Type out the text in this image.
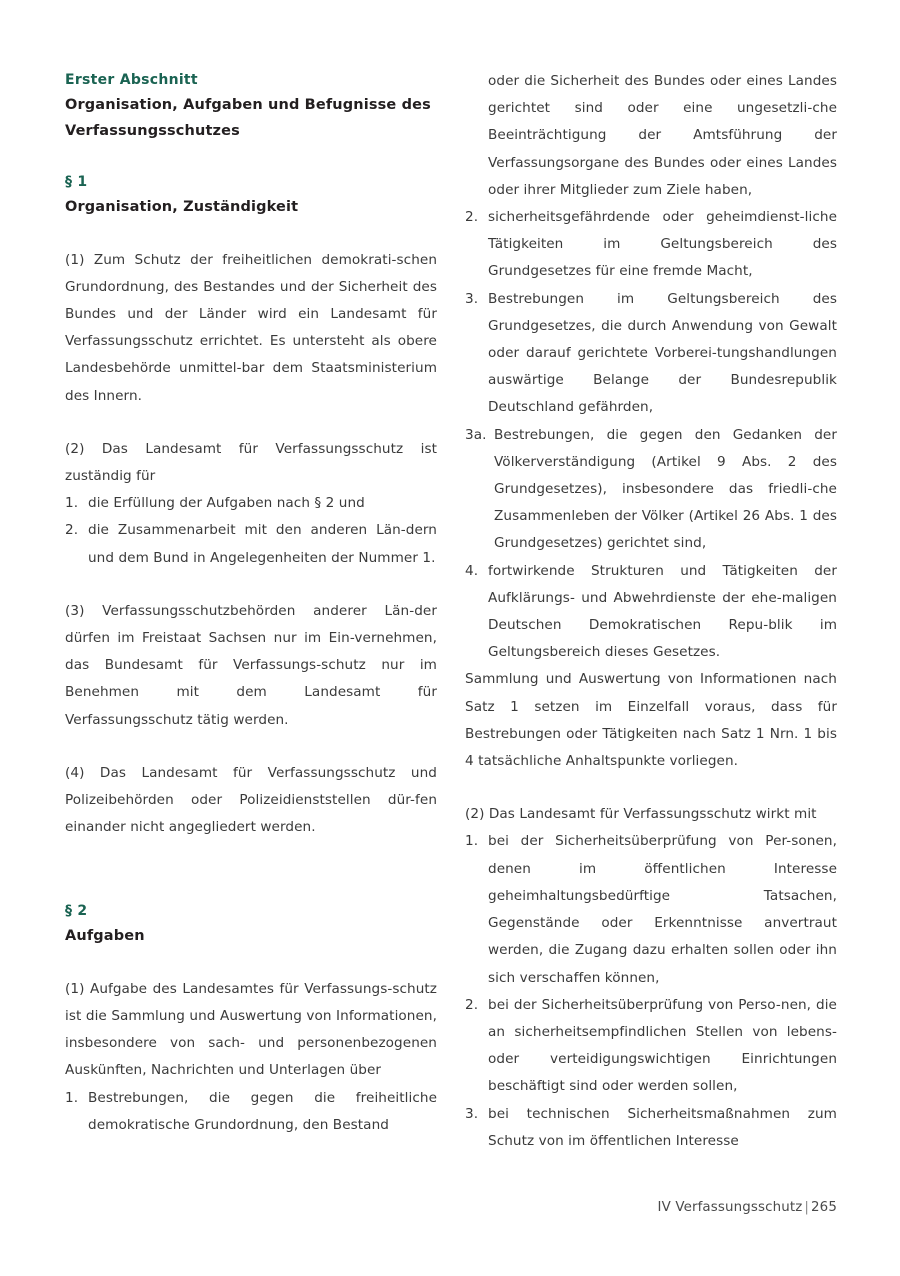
Erster Abschnitt
Organisation, Aufgaben und Befugnisse des
Verfassungsschutzes
§ 1
Organisation, Zuständigkeit

(1) Zum Schutz der freiheitlichen demokrati-schen Grundordnung, des Bestandes und der Sicherheit des Bundes und der Länder wird ein Landesamt für Verfassungsschutz errichtet. Es untersteht als obere Landesbehörde unmittel-bar dem Staatsministerium des Innern.

(2) Das Landesamt für Verfassungsschutz ist zuständig für

1. die Erfüllung der Aufgaben nach § 2 und
2. die Zusammenarbeit mit den anderen Län-dern und dem Bund in Angelegenheiten der Nummer 1.

(3) Verfassungsschutzbehörden anderer Län-der dürfen im Freistaat Sachsen nur im Ein-vernehmen, das Bundesamt für Verfassungs-schutz nur im Benehmen mit dem Landesamt für Verfassungsschutz tätig werden.

(4) Das Landesamt für Verfassungsschutz und Polizeibehörden oder Polizeidienststellen dür-fen einander nicht angegliedert werden.

§ 2
Aufgaben

(1) Aufgabe des Landesamtes für Verfassungs-schutz ist die Sammlung und Auswertung von Informationen, insbesondere von sach- und personenbezogenen Auskünften, Nachrichten und Unterlagen über

1. Bestrebungen, die gegen die freiheitliche demokratische Grundordnung, den Bestand
oder die Sicherheit des Bundes oder eines Landes gerichtet sind oder eine ungesetzli-che Beeinträchtigung der Amtsführung der Verfassungsorgane des Bundes oder eines Landes oder ihrer Mitglieder zum Ziele haben,
2. sicherheitsgefährdende oder geheimdienst-liche Tätigkeiten im Geltungsbereich des Grundgesetzes für eine fremde Macht,
3. Bestrebungen im Geltungsbereich des Grundgesetzes, die durch Anwendung von Gewalt oder darauf gerichtete Vorberei-tungshandlungen auswärtige Belange der Bundesrepublik Deutschland gefährden,
3a. Bestrebungen, die gegen den Gedanken der Völkerverständigung (Artikel 9 Abs. 2 des Grundgesetzes), insbesondere das friedli-che Zusammenleben der Völker (Artikel 26 Abs. 1 des Grundgesetzes) gerichtet sind,
4. fortwirkende Strukturen und Tätigkeiten der Aufklärungs- und Abwehrdienste der ehe-maligen Deutschen Demokratischen Repu-blik im Geltungsbereich dieses Gesetzes.

Sammlung und Auswertung von Informationen nach Satz 1 setzen im Einzelfall voraus, dass für Bestrebungen oder Tätigkeiten nach Satz 1 Nrn. 1 bis 4 tatsächliche Anhaltspunkte vorliegen.

(2) Das Landesamt für Verfassungsschutz wirkt mit

1. bei der Sicherheitsüberprüfung von Per-sonen, denen im öffentlichen Interesse geheimhaltungsbedürftige Tatsachen, Gegenstände oder Erkenntnisse anvertraut werden, die Zugang dazu erhalten sollen oder ihn sich verschaffen können,
2. bei der Sicherheitsüberprüfung von Perso-nen, die an sicherheitsempfindlichen Stellen von lebens- oder verteidigungswichtigen Einrichtungen beschäftigt sind oder werden sollen,
3. bei technischen Sicherheitsmaßnahmen zum Schutz von im öffentlichen Interesse
IV Verfassungsschutz | 265
